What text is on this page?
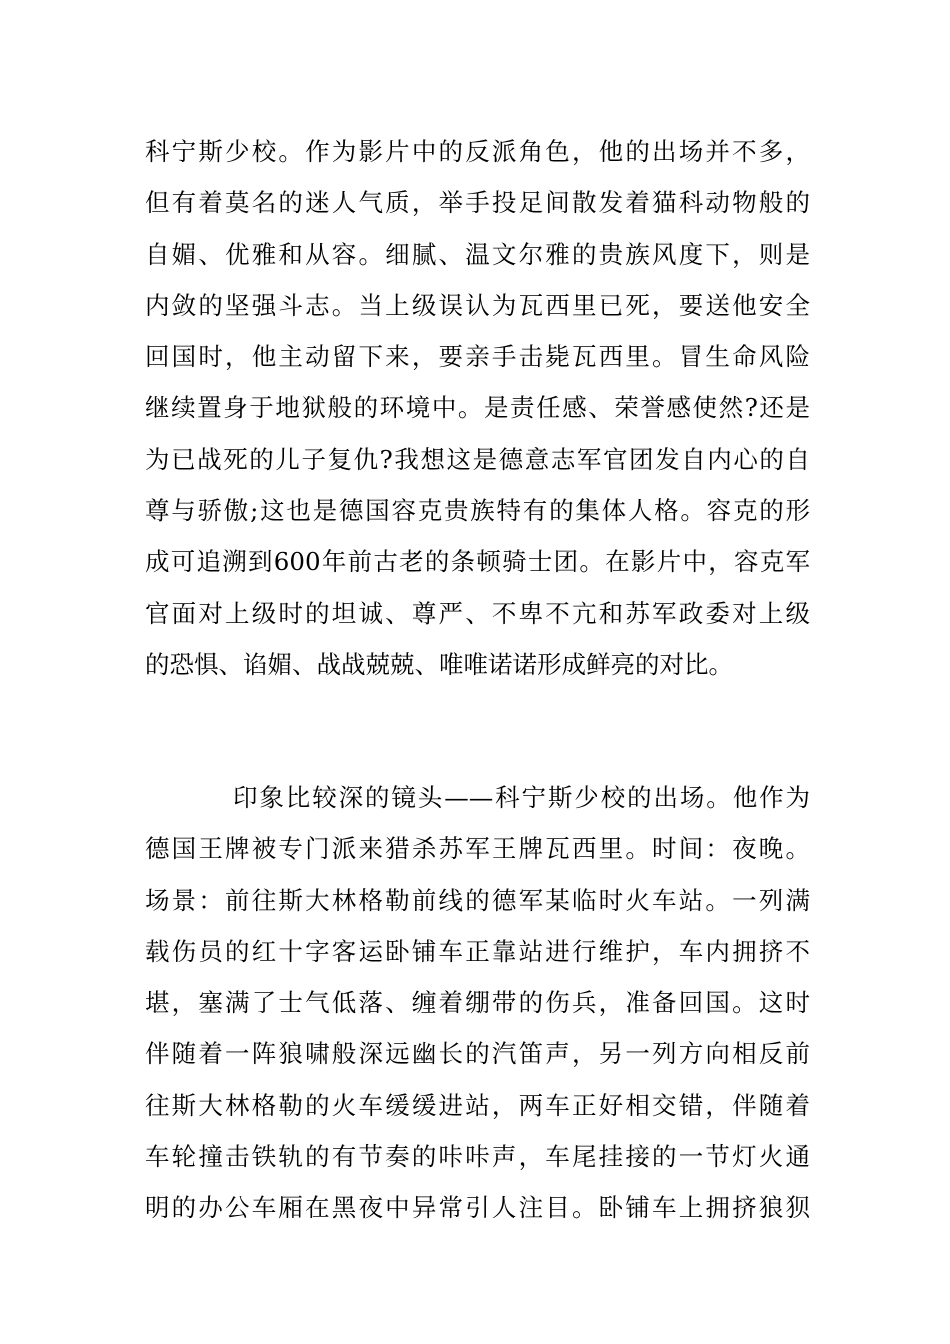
科宁斯少校。作为影片中的反派角色，他的出场并不多，
但有着莫名的迷人气质，举手投足间散发着猫科动物般的
自媚、优雅和从容。细腻、温文尔雅的贵族风度下，则是
内敛的坚强斗志。当上级误认为瓦西里已死，要送他安全
回国时，他主动留下来，要亲手击毙瓦西里。冒生命风险
继续置身于地狱般的环境中。是责任感、荣誉感使然?还是
为已战死的儿子复仇?我想这是德意志军官团发自内心的自
尊与骄傲;这也是德国容克贵族特有的集体人格。容克的形
成可追溯到600年前古老的条顿骑士团。在影片中，容克军
官面对上级时的坦诚、尊严、不卑不亢和苏军政委对上级
的恐惧、谄媚、战战兢兢、唯唯诺诺形成鲜亮的对比。
印象比较深的镜头——科宁斯少校的出场。他作为
德国王牌被专门派来猎杀苏军王牌瓦西里。时间：夜晚。
场景：前往斯大林格勒前线的德军某临时火车站。一列满
载伤员的红十字客运卧铺车正靠站进行维护，车内拥挤不
堪，塞满了士气低落、缠着绷带的伤兵，准备回国。这时
伴随着一阵狼啸般深远幽长的汽笛声，另一列方向相反前
往斯大林格勒的火车缓缓进站，两车正好相交错，伴随着
车轮撞击铁轨的有节奏的咔咔声，车尾挂接的一节灯火通
明的办公车厢在黑夜中异常引人注目。卧铺车上拥挤狼狈
